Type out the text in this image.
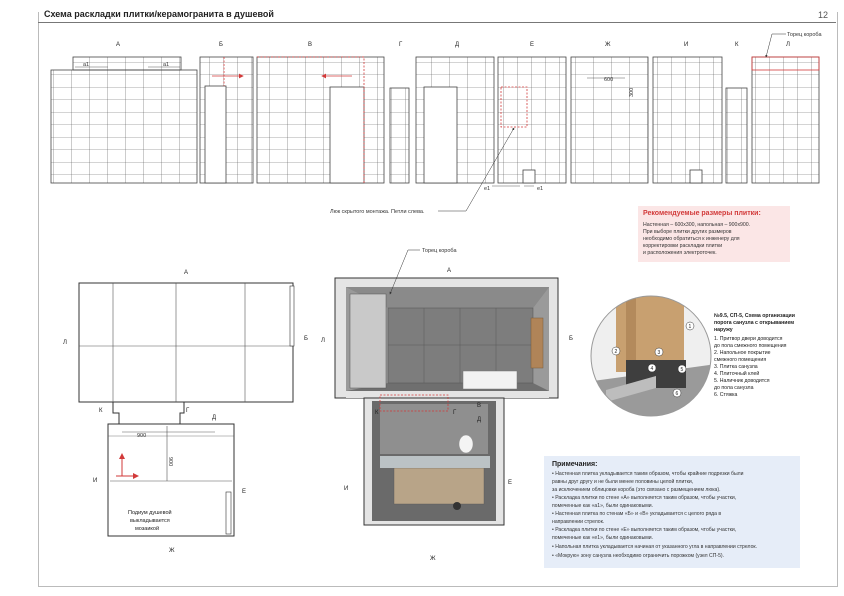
Схема раскладки плитки/керамогранита в душевой	12
А	Б	В	Г	Д	Е	Ж	И	К	Л
а1	а1
600
300
е1	е1
Торец короба
Люк скрытого монтажа. Петли слева.	Рекомендуемые размеры плитки:
Настенная – 600х300, напольная – 900х900.
При выборе плитки других размеров
необходимо обратиться к инженеру для
корректировки раскладки плитки
и расположения электроточек.
900
900
Подиум душевой
выкладывается
мозаикой
А
Б
Л
К	Г
Д
И
Е
Ж
Торец короба
А
Б
Л
К	Г
В
Д
И
Е
Ж
1
2	3
4	5
6
№9.5, СП-5, Схема организации
порога санузла с открыванием
наружу
1. Притвор двери доводится
до пола смежного помещения
2. Напольное покрытие
смежного помещения
3. Плитка санузла
4. Плиточный клей
5. Наличник доводится
до пола санузла
6. Стяжка
Примечания:
• Настенная плитка укладывается таким образом, чтобы крайние подрезки были
равны друг другу и не были менее половины целой плитки,
за исключением облицовки короба (это связано с размещением люка).
• Раскладка плитки по стене «А» выполняется таким образом, чтобы участки,
помеченные как «а1», были одинаковыми.
• Настенная плитка по стенам «Б» и «В» укладывается с целого ряда в
направлении стрелок.
• Раскладка плитки по стене «Е» выполняется таким образом, чтобы участки,
помеченные как «е1», были одинаковыми.
• Напольная плитка укладывается начиная от указанного угла в направлении стрелок.
• «Мокрую» зону санузла необходимо ограничить порожком (узел СП-5).
